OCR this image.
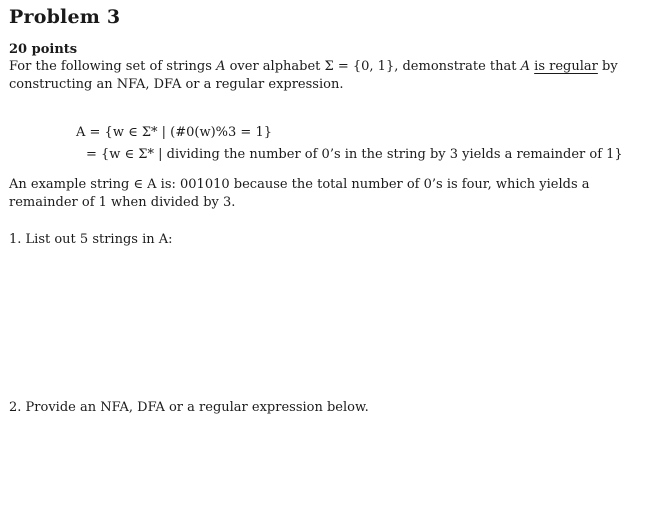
Problem 3
20 points

For the following set of strings A over alphabet Σ = {0, 1}, demonstrate that A is regular by constructing an NFA, DFA or a regular expression.

A = {w ∈ Σ* | (#0(w)%3 = 1}
= {w ∈ Σ* | dividing the number of 0’s in the string by 3 yields a remainder of 1}

An example string ∈ A is: 001010 because the total number of 0’s is four, which yields a remainder of 1 when divided by 3.

1. List out 5 strings in A:

2. Provide an NFA, DFA or a regular expression below.
